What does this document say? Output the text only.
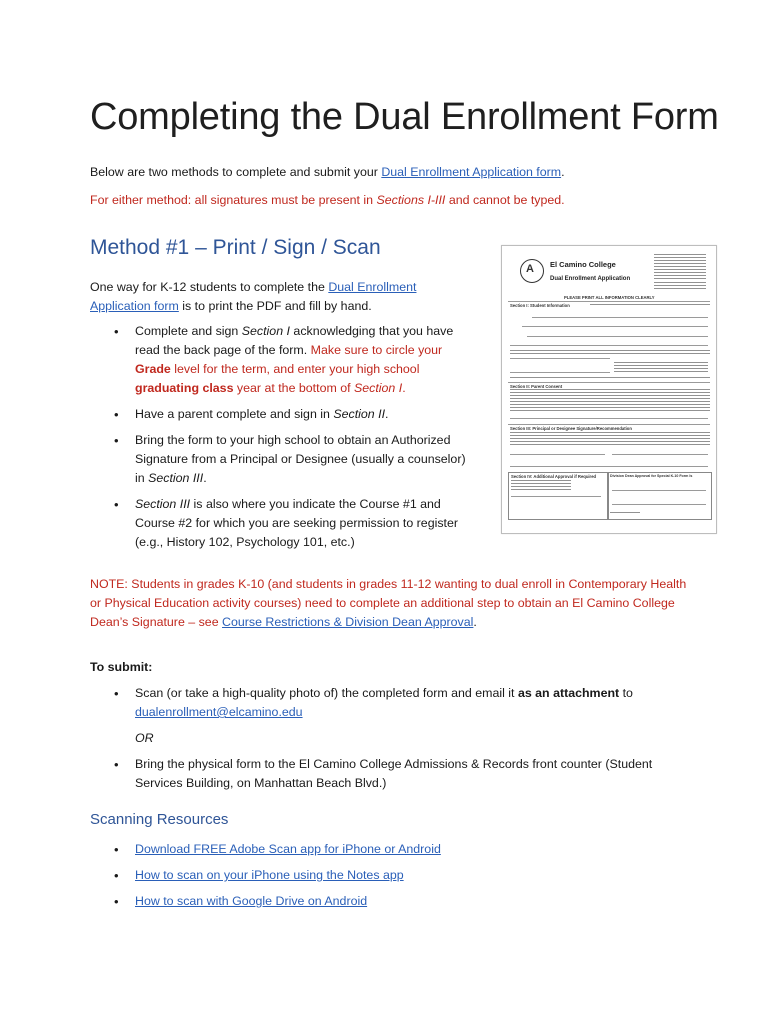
Completing the Dual Enrollment Form

Below are two methods to complete and submit your Dual Enrollment Application form.

For either method: all signatures must be present in Sections I-III and cannot be typed.

Method #1 – Print / Sign / Scan

One way for K-12 students to complete the Dual Enrollment Application form is to print the PDF and fill by hand.

• Complete and sign Section I acknowledging that you have read the back page of the form. Make sure to circle your Grade level for the term, and enter your high school graduating class year at the bottom of Section I.
• Have a parent complete and sign in Section II.
• Bring the form to your high school to obtain an Authorized Signature from a Principal or Designee (usually a counselor) in Section III.
• Section III is also where you indicate the Course #1 and Course #2 for which you are seeking permission to register (e.g., History 102, Psychology 101, etc.)
A El Camino College
Dual Enrollment Application
PLEASE PRINT ALL INFORMATION CLEARLY
Section I: Student Information
Section II: Parent Consent
Section III: Principal or Designee Signature/Recommendation
Section IV: Additional Approval if Required	Division Dean Approval for Special K-10 Form Is

NOTE: Students in grades K-10 (and students in grades 11-12 wanting to dual enroll in Contemporary Health or Physical Education activity courses) need to complete an additional step to obtain an El Camino College Dean’s Signature – see Course Restrictions & Division Dean Approval.

To submit:

• Scan (or take a high-quality photo of) the completed form and email it as an attachment to
dualenrollment@elcamino.edu
OR
• Bring the physical form to the El Camino College Admissions & Records front counter (Student Services Building, on Manhattan Beach Blvd.)
Scanning Resources
• Download FREE Adobe Scan app for iPhone or Android
• How to scan on your iPhone using the Notes app
• How to scan with Google Drive on Android
